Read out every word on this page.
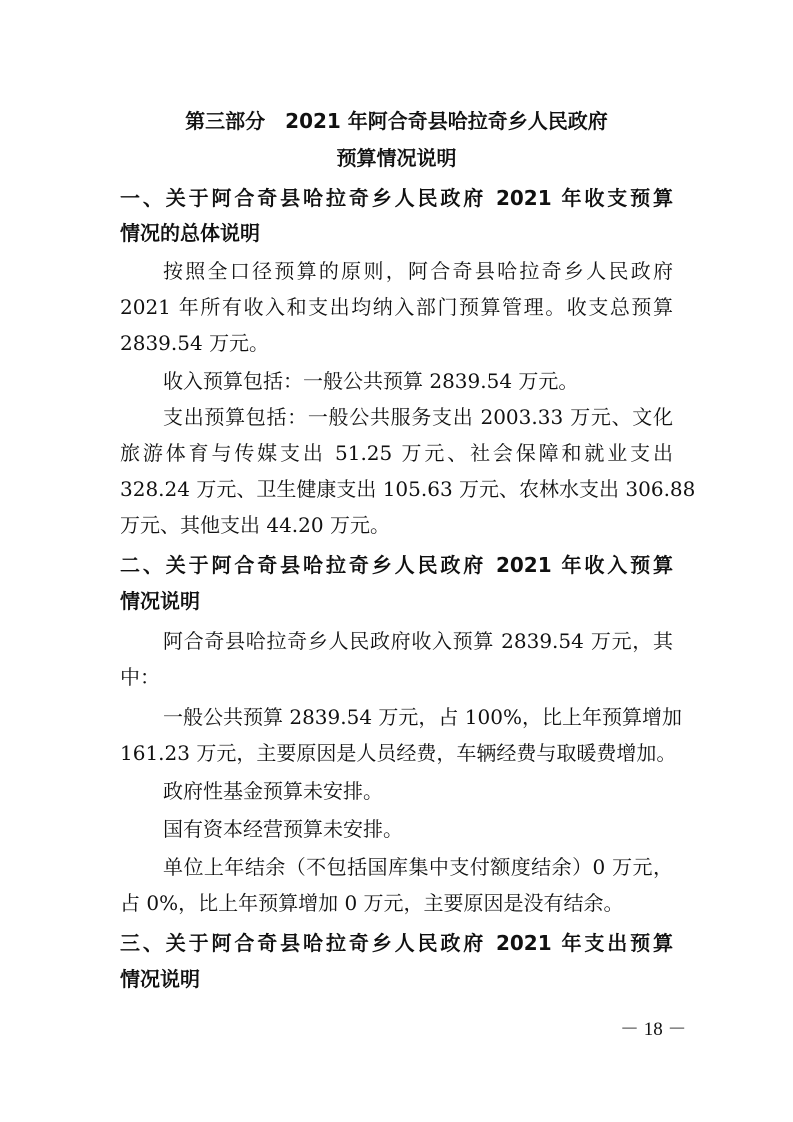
第三部分　2021 年阿合奇县哈拉奇乡人民政府
预算情况说明
一、关于阿合奇县哈拉奇乡人民政府 2021 年收支预算
情况的总体说明
按照全口径预算的原则，阿合奇县哈拉奇乡人民政府
2021 年所有收入和支出均纳入部门预算管理。收支总预算
2839.54 万元。
收入预算包括：一般公共预算 2839.54 万元。
支出预算包括：一般公共服务支出 2003.33 万元、文化
旅游体育与传媒支出 51.25 万元、社会保障和就业支出
328.24 万元、卫生健康支出 105.63 万元、农林水支出 306.88
万元、其他支出 44.20 万元。
二、关于阿合奇县哈拉奇乡人民政府 2021 年收入预算
情况说明
阿合奇县哈拉奇乡人民政府收入预算 2839.54 万元，其
中：
一般公共预算 2839.54 万元，占 100%，比上年预算增加
161.23 万元，主要原因是人员经费，车辆经费与取暖费增加。
政府性基金预算未安排。
国有资本经营预算未安排。
单位上年结余（不包括国库集中支付额度结余）0 万元，
占 0%，比上年预算增加 0 万元，主要原因是没有结余。
三、关于阿合奇县哈拉奇乡人民政府 2021 年支出预算
情况说明
－ 18 －
